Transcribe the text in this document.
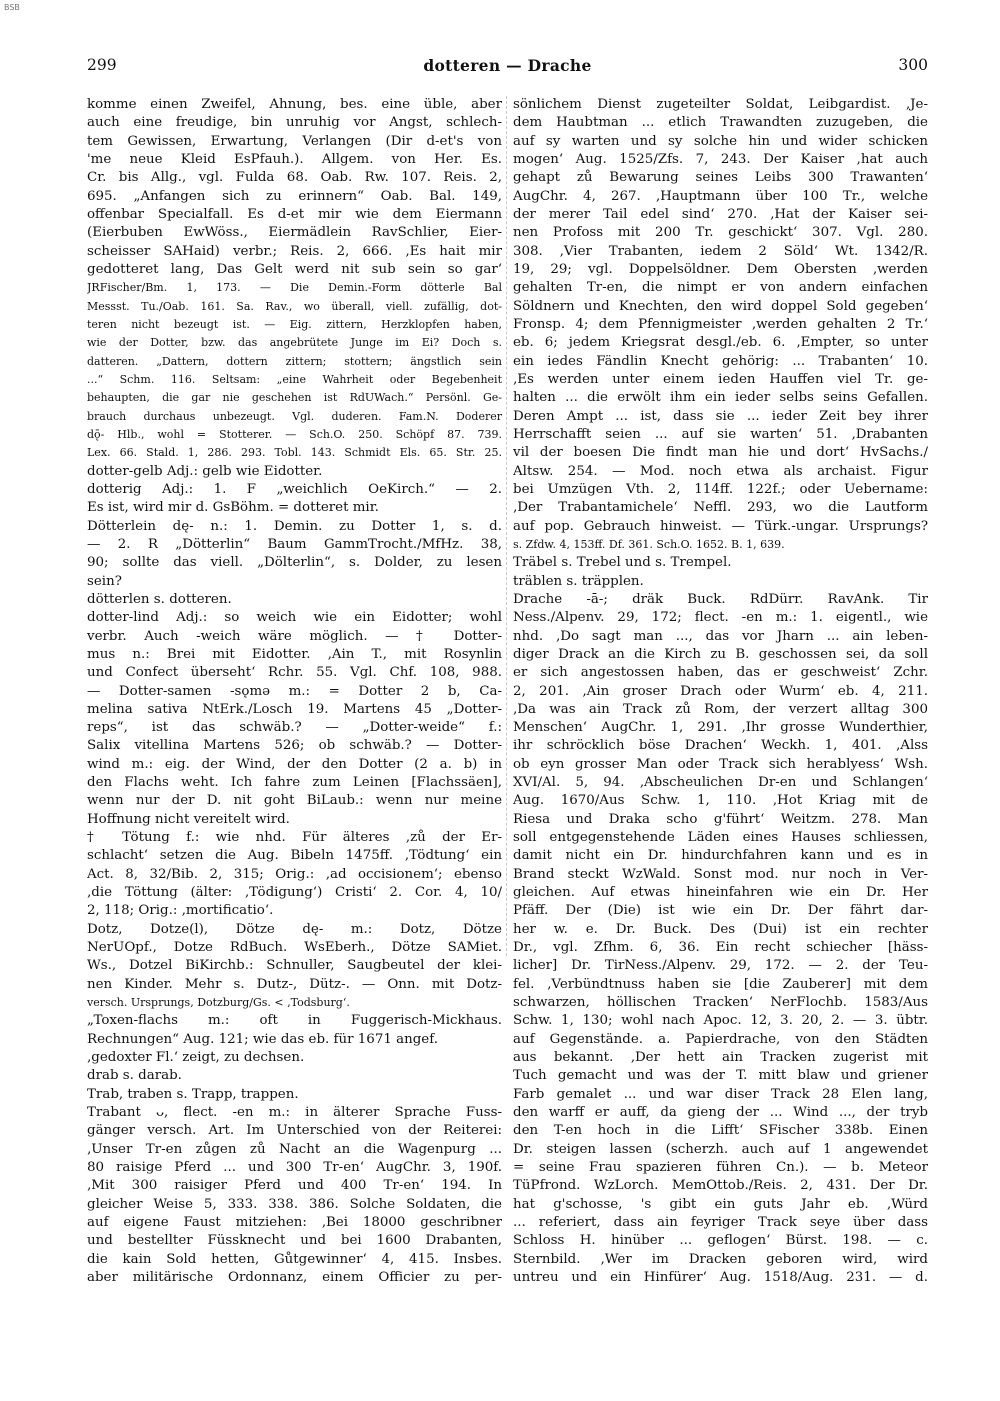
BSB
299	dotteren — Drache	300
komme einen Zweifel, Ahnung, bes. eine üble, aber
auch eine freudige, bin unruhig vor Angst, schlech-
tem Gewissen, Erwartung, Verlangen (Dir d-et's von
'me neue Kleid EsPfauh.). Allgem. von Her. Es.
Cr. bis Allg., vgl. Fulda 68. Oab. Rw. 107. Reis. 2,
695. „Anfangen sich zu erinnern“ Oab. Bal. 149,
offenbar Specialfall. Es d-et mir wie dem Eiermann
(Eierbuben EwWöss., Eiermädlein RavSchlier, Eier-
scheisser SAHaid) verbr.; Reis. 2, 666. ‚Es hait mir
gedotteret lang, Das Gelt werd nit sub sein so gar‘
JRFischer/Bm. 1, 173. — Die Demin.-Form dötterle Bal
Messst. Tu./Oab. 161. Sa. Rav., wo überall, viell. zufällig, dot-
teren nicht bezeugt ist. — Eig. zittern, Herzklopfen haben,
wie der Dotter, bzw. das angebrütete Junge im Ei? Doch s.
datteren. „Dattern, dottern zittern; stottern; ängstlich sein
...“ Schm. 116. Seltsam: „eine Wahrheit oder Begebenheit
behaupten, die gar nie geschehen ist RdUWach.“ Persönl. Ge-
brauch durchaus unbezeugt. Vgl. duderen. Fam.N. Doderer
dǭ- Hlb., wohl = Stotterer. — Sch.O. 250. Schöpf 87. 739.
Lex. 66. Stald. 1, 286. 293. Tobl. 143. Schmidt Els. 65. Str. 25.
dotter-gelb Adj.: gelb wie Eidotter.
dotterig Adj.: 1. F „weichlich OeKirch.“ — 2.
Es ist, wird mir d. GsBöhm. = dotteret mir.
Dötterlein dę- n.: 1. Demin. zu Dotter 1, s. d.
— 2. R „Dötterlin“ Baum GammTrocht./MfHz. 38,
90; sollte das viell. „Dölterlin“, s. Dolder, zu lesen
sein?
dötterlen s. dotteren.
dotter-lind Adj.: so weich wie ein Eidotter; wohl
verbr. Auch -weich wäre möglich. — † Dotter-
mus n.: Brei mit Eidotter. ‚Ain T., mit Rosynlin
und Confect überseht‘ Rchr. 55. Vgl. Chf. 108, 988.
— Dotter-samen -sǫmǝ m.: = Dotter 2 b, Ca-
melina sativa NtErk./Losch 19. Martens 45 „Dotter-
reps“, ist das schwäb.? — „Dotter-weide“ f.:
Salix vitellina Martens 526; ob schwäb.? — Dotter-
wind m.: eig. der Wind, der den Dotter (2 a. b) in
den Flachs weht. Ich fahre zum Leinen [Flachssäen],
wenn nur der D. nit goht BiLaub.: wenn nur meine
Hoffnung nicht vereitelt wird.
† Tötung f.: wie nhd. Für älteres ‚zů der Er-
schlacht‘ setzen die Aug. Bibeln 1475ff. ‚Tödtung‘ ein
Act. 8, 32/Bib. 2, 315; Orig.: ‚ad occisionem‘; ebenso
‚die Töttung (älter: ‚Tödigung‘) Cristi‘ 2. Cor. 4, 10/
2, 118; Orig.: ‚mortificatio‘.
Dotz, Dotze(l), Dötze dę- m.: Dotz, Dötze
NerUOpf., Dotze RdBuch. WsEberh., Dötze SAMiet.
Ws., Dotzel BiKirchb.: Schnuller, Saugbeutel der klei-
nen Kinder. Mehr s. Dutz-, Dütz-. — Onn. mit Dotz-
versch. Ursprungs, Dotzburg/Gs. < ‚Todsburg‘.
„Toxen-flachs m.: oft in Fuggerisch-Mickhaus.
Rechnungen“ Aug. 121; wie das eb. für 1671 angef.
‚gedoxter Fl.‘ zeigt, zu dechsen.
drab s. darab.
Trab, traben s. Trapp, trappen.
Trabant ᴗ, flect. -en m.: in älterer Sprache Fuss-
gänger versch. Art. Im Unterschied von der Reiterei:
‚Unser Tr-en zůgen zů Nacht an die Wagenpurg ...
80 raisige Pferd ... und 300 Tr-en‘ AugChr. 3, 190f.
‚Mit 300 raisiger Pferd und 400 Tr-en‘ 194. In
gleicher Weise 5, 333. 338. 386. Solche Soldaten, die
auf eigene Faust mitziehen: ‚Bei 18000 geschribner
und bestellter Füssknecht und bei 1600 Drabanten,
die kain Sold hetten, Gůtgewinner‘ 4, 415. Insbes.
aber militärische Ordonnanz, einem Officier zu per-
sönlichem Dienst zugeteilter Soldat, Leibgardist. ‚Je-
dem Haubtman ... etlich Trawandten zuzugeben, die
auf sy warten und sy solche hin und wider schicken
mogen‘ Aug. 1525/Zfs. 7, 243. Der Kaiser ‚hat auch
gehapt zů Bewarung seines Leibs 300 Trawanten‘
AugChr. 4, 267. ‚Hauptmann über 100 Tr., welche
der merer Tail edel sind‘ 270. ‚Hat der Kaiser sei-
nen Profoss mit 200 Tr. geschickt‘ 307. Vgl. 280.
308. ‚Vier Trabanten, iedem 2 Söld‘ Wt. 1342/R.
19, 29; vgl. Doppelsöldner. Dem Obersten ‚werden
gehalten Tr-en, die nimpt er von andern einfachen
Söldnern und Knechten, den wird doppel Sold gegeben‘
Fronsp. 4; dem Pfennigmeister ‚werden gehalten 2 Tr.‘
eb. 6; jedem Kriegsrat desgl./eb. 6. ‚Empter, so unter
ein iedes Fändlin Knecht gehörig: ... Trabanten‘ 10.
‚Es werden unter einem ieden Hauffen viel Tr. ge-
halten ... die erwölt ihm ein ieder selbs seins Gefallen.
Deren Ampt ... ist, dass sie ... ieder Zeit bey ihrer
Herrschafft seien ... auf sie warten‘ 51. ‚Drabanten
vil der boesen Die findt man hie und dort‘ HvSachs./
Altsw. 254. — Mod. noch etwa als archaist. Figur
bei Umzügen Vth. 2, 114ff. 122f.; oder Uebername:
‚Der Trabantamichele‘ Neffl. 293, wo die Lautform
auf pop. Gebrauch hinweist. — Türk.-ungar. Ursprungs?
s. Zfdw. 4, 153ff. Df. 361. Sch.O. 1652. B. 1, 639.
Träbel s. Trebel und s. Trempel.
träblen s. träpplen.
Drache -ā-; dräk Buck. RdDürr. RavAnk. Tir
Ness./Alpenv. 29, 172; flect. -en m.: 1. eigentl., wie
nhd. ‚Do sagt man ..., das vor Jharn ... ain leben-
diger Drack an die Kirch zu B. geschossen sei, da soll
er sich angestossen haben, das er geschweist‘ Zchr.
2, 201. ‚Ain groser Drach oder Wurm‘ eb. 4, 211.
‚Da was ain Track zů Rom, der verzert alltag 300
Menschen‘ AugChr. 1, 291. ‚Ihr grosse Wunderthier,
ihr schröcklich böse Drachen‘ Weckh. 1, 401. ‚Alss
ob eyn grosser Man oder Track sich herablyess‘ Wsh.
XVI/Al. 5, 94. ‚Abscheulichen Dr-en und Schlangen‘
Aug. 1670/Aus Schw. 1, 110. ‚Hot Kriag mit de
Riesa und Draka scho g'führt‘ Weitzm. 278. Man
soll entgegenstehende Läden eines Hauses schliessen,
damit nicht ein Dr. hindurchfahren kann und es in
Brand steckt WzWald. Sonst mod. nur noch in Ver-
gleichen. Auf etwas hineinfahren wie ein Dr. Her
Pfäff. Der (Die) ist wie ein Dr. Der fährt dar-
her w. e. Dr. Buck. Des (Dui) ist ein rechter
Dr., vgl. Zfhm. 6, 36. Ein recht schiecher [häss-
licher] Dr. TirNess./Alpenv. 29, 172. — 2. der Teu-
fel. ‚Verbündtnuss haben sie [die Zauberer] mit dem
schwarzen, höllischen Tracken‘ NerFlochb. 1583/Aus
Schw. 1, 130; wohl nach Apoc. 12, 3. 20, 2. — 3. übtr.
auf Gegenstände. a. Papierdrache, von den Städten
aus bekannt. ‚Der hett ain Tracken zugerist mit
Tuch gemacht und was der T. mitt blaw und griener
Farb gemalet ... und war diser Track 28 Elen lang,
den warff er auff, da gieng der ... Wind ..., der tryb
den T-en hoch in die Lifft‘ SFischer 338b. Einen
Dr. steigen lassen (scherzh. auch auf 1 angewendet
= seine Frau spazieren führen Cn.). — b. Meteor
TüPfrond. WzLorch. MemOttob./Reis. 2, 431. Der Dr.
hat g'schosse, 's gibt ein guts Jahr eb. ‚Würd
... referiert, dass ain feyriger Track seye über dass
Schloss H. hinüber ... geflogen‘ Bürst. 198. — c.
Sternbild. ‚Wer im Dracken geboren wird, wird
untreu und ein Hinfürer‘ Aug. 1518/Aug. 231. — d.
